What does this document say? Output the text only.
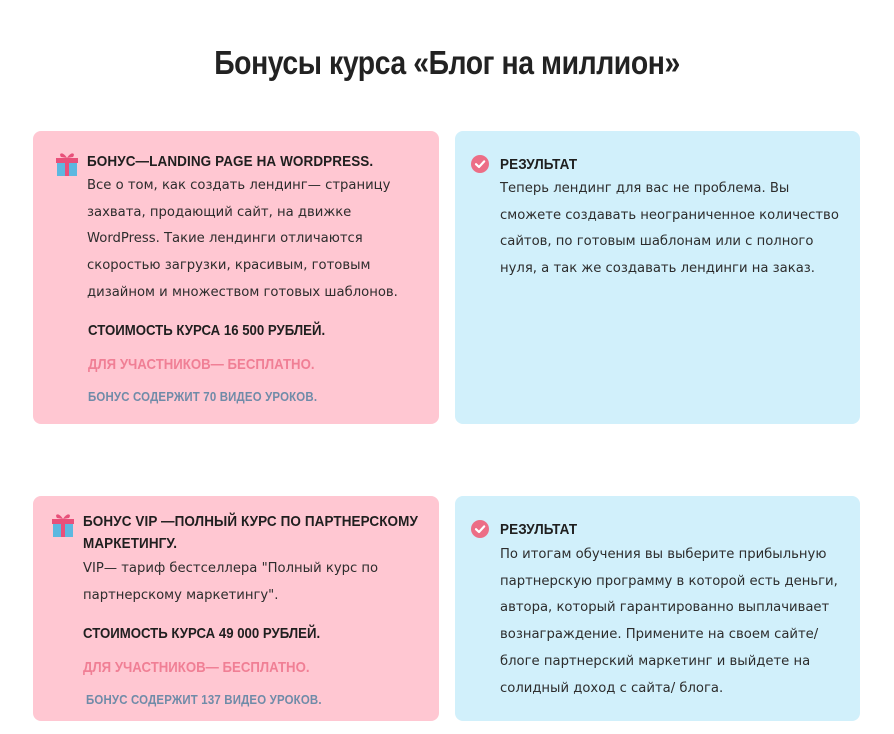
Бонусы курса «Блог на миллион»
БОНУС—LANDING PAGE НА WORDPRESS.
Все о том, как создать лендинг— страницу
захвата, продающий сайт, на движке
WordPress. Такие лендинги отличаются
скоростью загрузки, красивым, готовым
дизайном и множеством готовых шаблонов.
СТОИМОСТЬ КУРСА 16 500 РУБЛЕЙ.
ДЛЯ УЧАСТНИКОВ— БЕСПЛАТНО.
БОНУС СОДЕРЖИТ 70 ВИДЕО УРОКОВ.
РЕЗУЛЬТАТ
Теперь лендинг для вас не проблема. Вы
сможете создавать неограниченное количество
сайтов, по готовым шаблонам или с полного
нуля, а так же создавать лендинги на заказ.
БОНУС VIP —ПОЛНЫЙ КУРС ПО ПАРТНЕРСКОМУ
МАРКЕТИНГУ.
VIP— тариф бестселлера "Полный курс по
партнерскому маркетингу".
СТОИМОСТЬ КУРСА 49 000 РУБЛЕЙ.
ДЛЯ УЧАСТНИКОВ— БЕСПЛАТНО.
БОНУС СОДЕРЖИТ 137 ВИДЕО УРОКОВ.
РЕЗУЛЬТАТ
По итогам обучения вы выберите прибыльную
партнерскую программу в которой есть деньги,
автора, который гарантированно выплачивает
вознаграждение. Примените на своем сайте/
блоге партнерский маркетинг и выйдете на
солидный доход с сайта/ блога.
